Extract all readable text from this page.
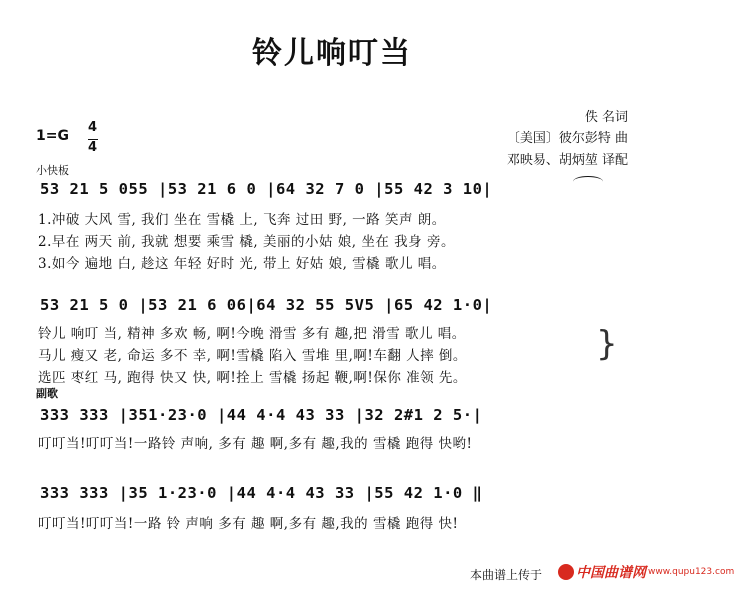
铃儿响叮当
佚 名词
〔美国〕彼尔彭特 曲
邓映易、胡炳堃 译配
1=G
4
4
小快板
53 21 5 055 |53 21 6 0 |64 32 7 0 |55 42 3 10|
1.冲破 大风 雪, 我们 坐在 雪橇 上, 飞奔 过田 野, 一路 笑声 朗。
2.早在 两天 前, 我就 想要 乘雪 橇, 美丽的小姑 娘, 坐在 我身 旁。
3.如今 遍地 白, 趁这 年轻 好时 光, 带上 好姑 娘, 雪橇 歌儿 唱。
53 21 5 0 |53 21 6 06|64 32 55 5V5 |65 42 1·0|
铃儿 响叮 当, 精神 多欢 畅, 啊!今晚 滑雪 多有 趣,把 滑雪 歌儿 唱。
马儿 瘦又 老, 命运 多不 幸, 啊!雪橇 陷入 雪堆 里,啊!车翻 人摔 倒。
选匹 枣红 马, 跑得 快又 快, 啊!拴上 雪橇 扬起 鞭,啊!保你 准领 先。
}
副歌
333 333 |351·23·0 |44 4·4 43 33 |32 2#1 2 5·|
叮叮当!叮叮当!一路铃 声响, 多有 趣 啊,多有 趣,我的 雪橇 跑得 快哟!
333 333 |35 1·23·0 |44 4·4 43 33 |55 42 1·0 ‖
叮叮当!叮叮当!一路 铃 声响 多有 趣 啊,多有 趣,我的 雪橇 跑得 快!
本曲谱上传于 中国曲谱网 www.qupu123.com
